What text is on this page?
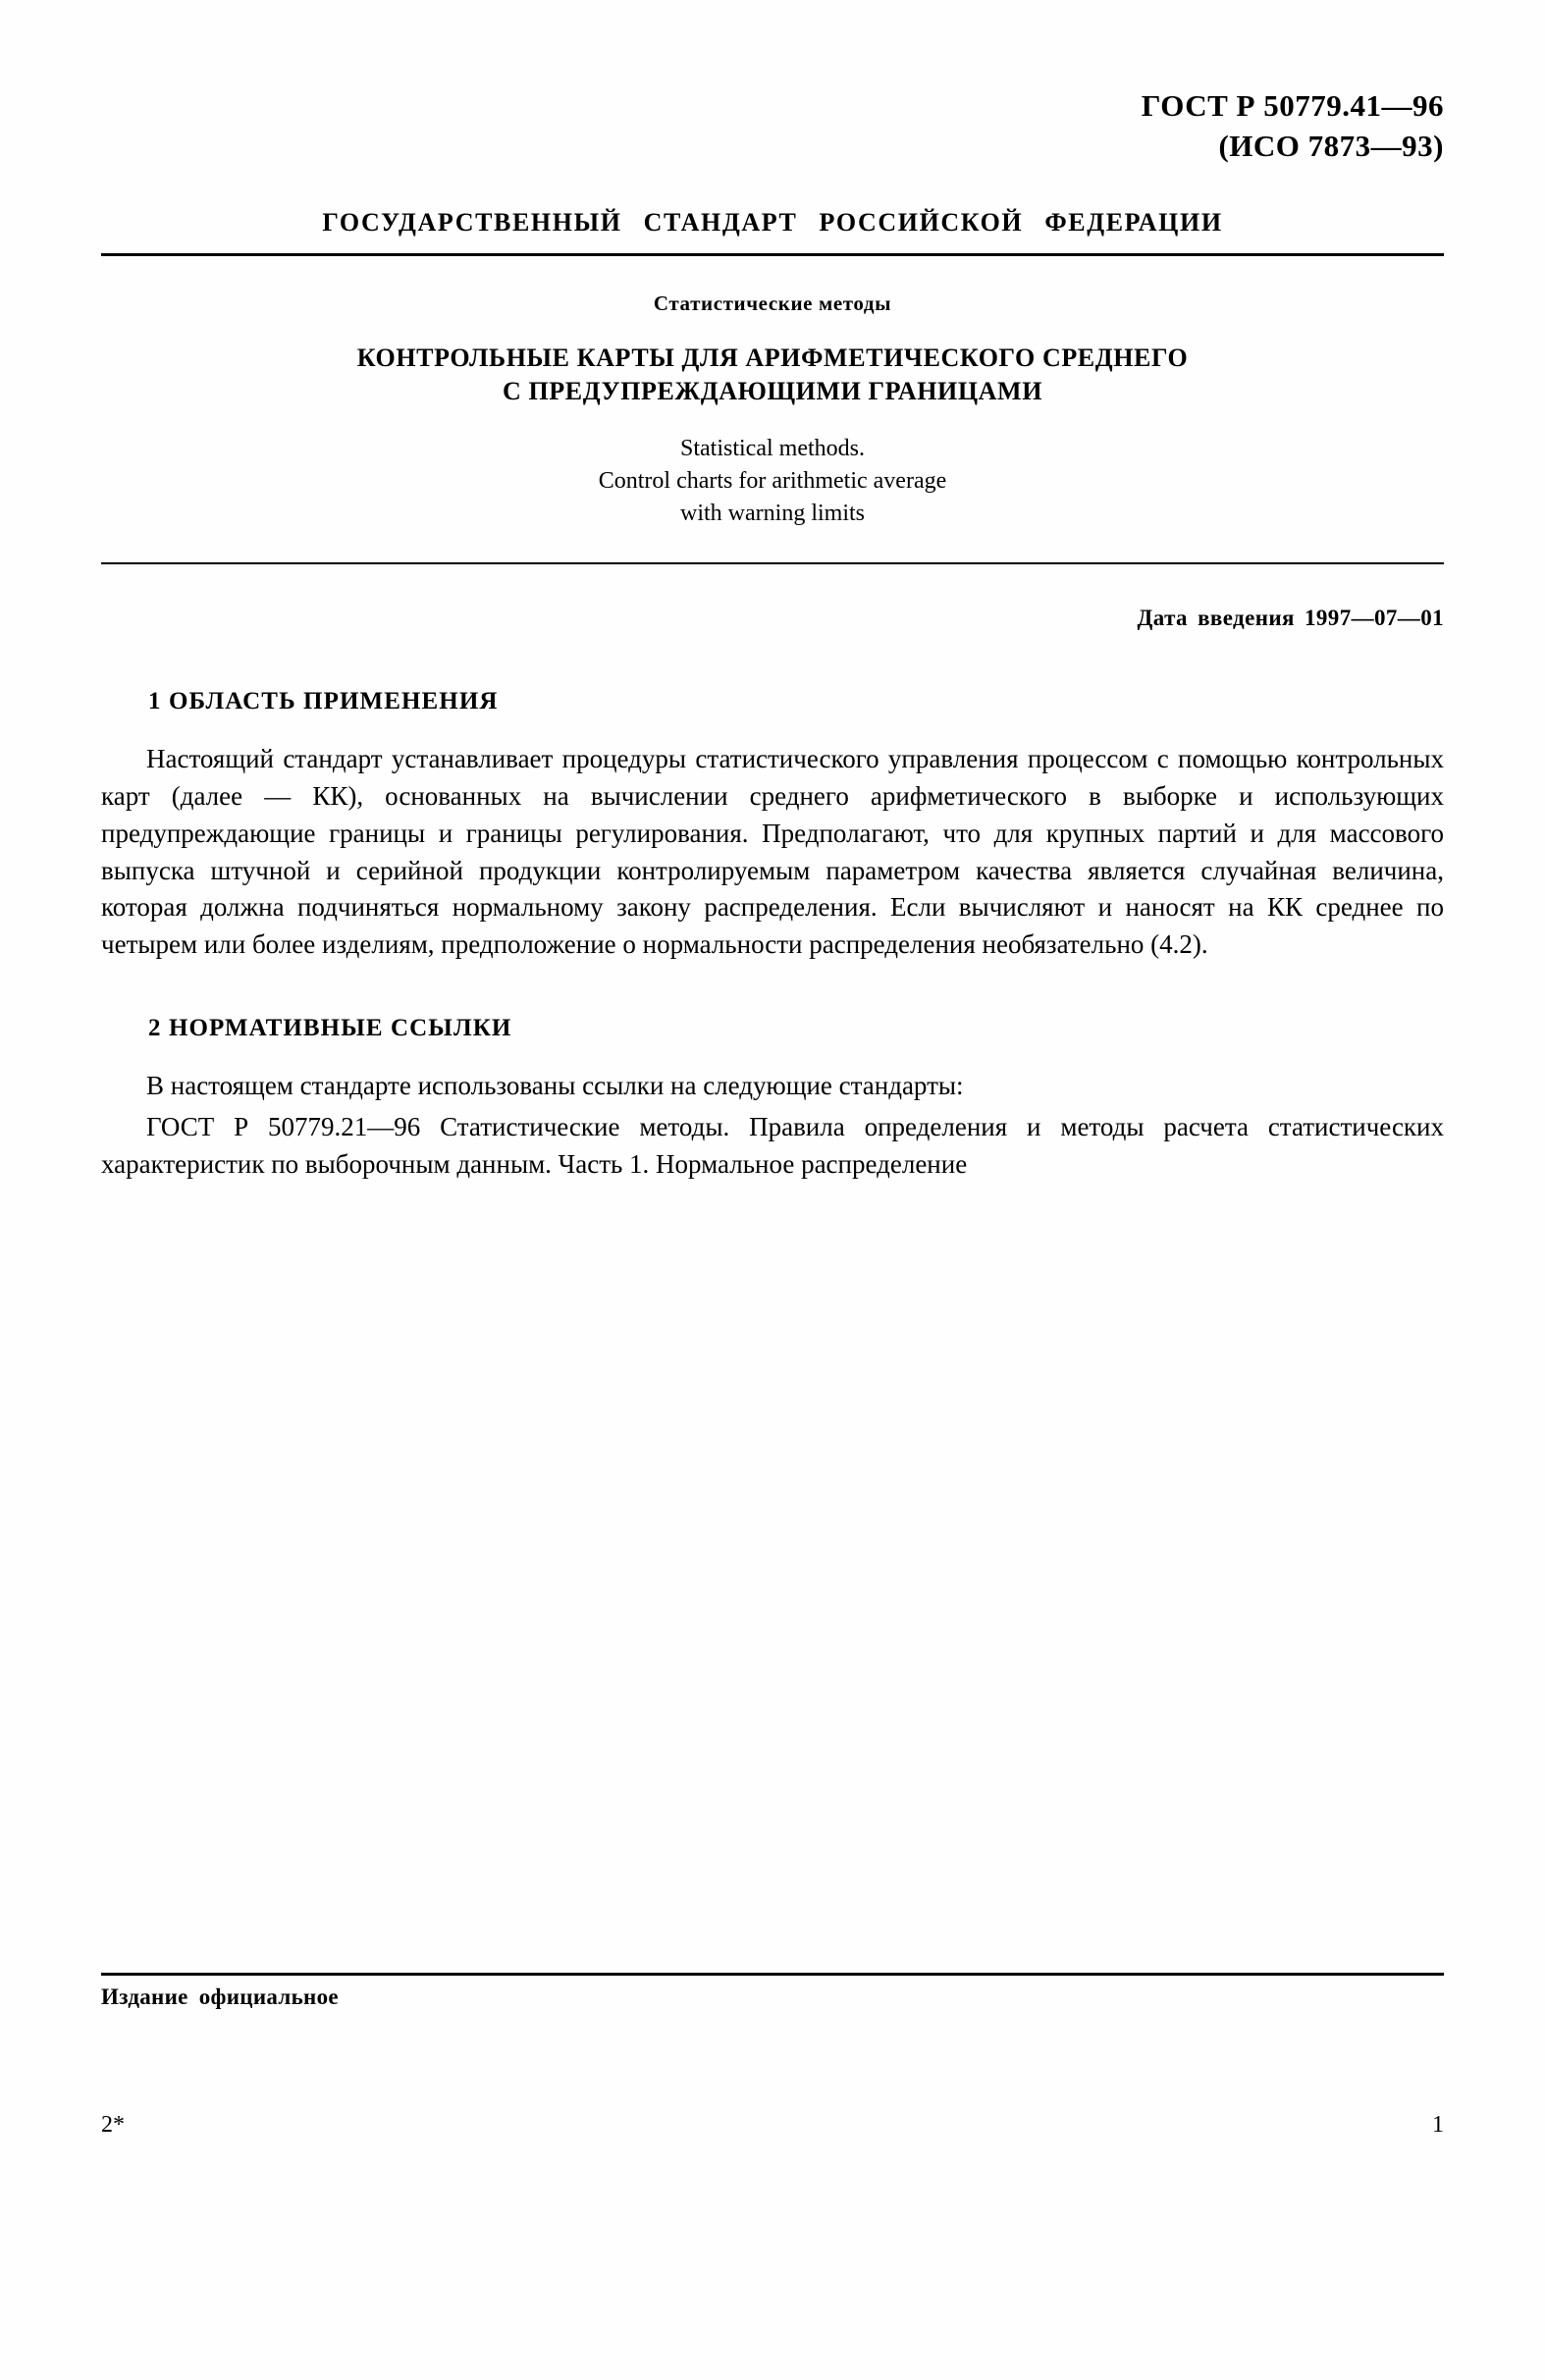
ГОСТ Р 50779.41—96
(ИСО 7873—93)
ГОСУДАРСТВЕННЫЙ СТАНДАРТ РОССИЙСКОЙ ФЕДЕРАЦИИ
Статистические методы
КОНТРОЛЬНЫЕ КАРТЫ ДЛЯ АРИФМЕТИЧЕСКОГО СРЕДНЕГО
С ПРЕДУПРЕЖДАЮЩИМИ ГРАНИЦАМИ
Statistical methods.
Control charts for arithmetic average
with warning limits
Дата введения 1997—07—01
1 ОБЛАСТЬ ПРИМЕНЕНИЯ
Настоящий стандарт устанавливает процедуры статистического управления процессом с помощью контрольных карт (далее — КК), основанных на вычислении среднего арифметического в выборке и использующих предупреждающие границы и границы регулирования. Предполагают, что для крупных партий и для массового выпуска штучной и серийной продукции контролируемым параметром качества является случайная величина, которая должна подчиняться нормальному закону распределения. Если вычисляют и наносят на КК среднее по четырем или более изделиям, предположение о нормальности распределения необязательно (4.2).
2 НОРМАТИВНЫЕ ССЫЛКИ
В настоящем стандарте использованы ссылки на следующие стандарты:
ГОСТ Р 50779.21—96 Статистические методы. Правила определения и методы расчета статистических характеристик по выборочным данным. Часть 1. Нормальное распределение
Издание официальное
2*	1
